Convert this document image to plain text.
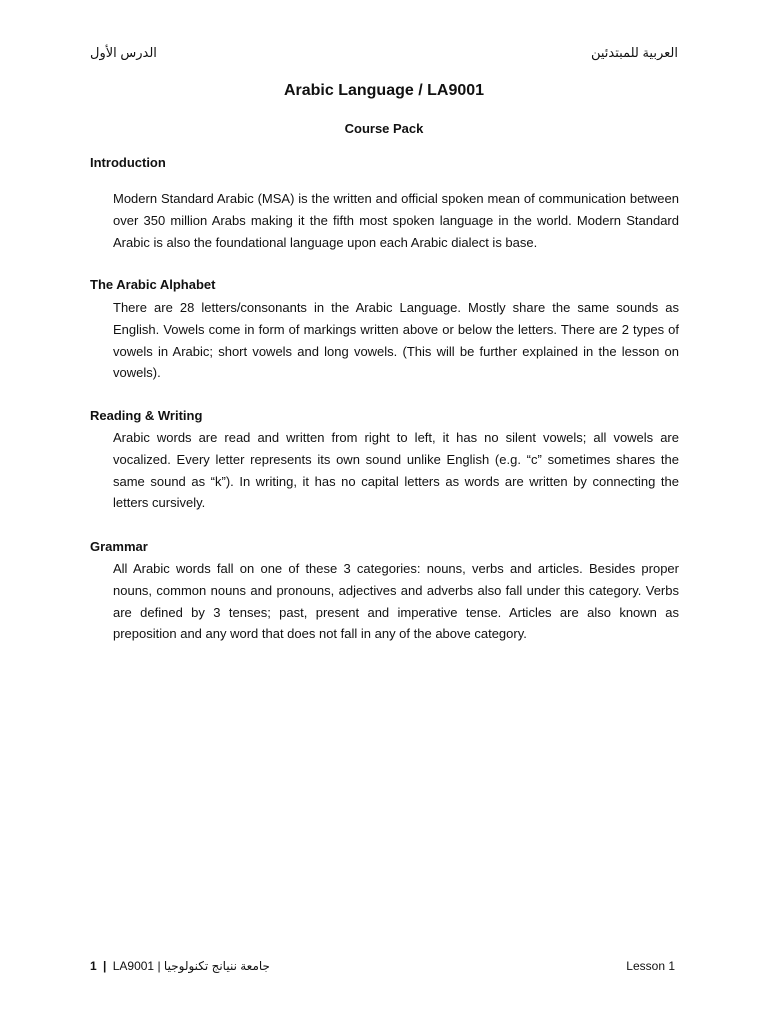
الدرس الأول	العربية للمبتدئين
Arabic Language / LA9001
Course Pack
Introduction
Modern Standard Arabic (MSA) is the written and official spoken mean of communication between over 350 million Arabs making it the fifth most spoken language in the world. Modern Standard Arabic is also the foundational language upon each Arabic dialect is base.
The Arabic Alphabet
There are 28 letters/consonants in the Arabic Language. Mostly share the same sounds as English. Vowels come in form of markings written above or below the letters. There are 2 types of vowels in Arabic; short vowels and long vowels. (This will be further explained in the lesson on vowels).
Reading & Writing
Arabic words are read and written from right to left, it has no silent vowels; all vowels are vocalized. Every letter represents its own sound unlike English (e.g. “c” sometimes shares the same sound as “k”). In writing, it has no capital letters as words are written by connecting the letters cursively.
Grammar
All Arabic words fall on one of these 3 categories: nouns, verbs and articles. Besides proper nouns, common nouns and pronouns, adjectives and adverbs also fall under this category. Verbs are defined by 3 tenses; past, present and imperative tense. Articles are also known as preposition and any word that does not fall in any of the above category.
1 | LA9001 | جامعة ننيانج تكنولوجيا	Lesson 1
